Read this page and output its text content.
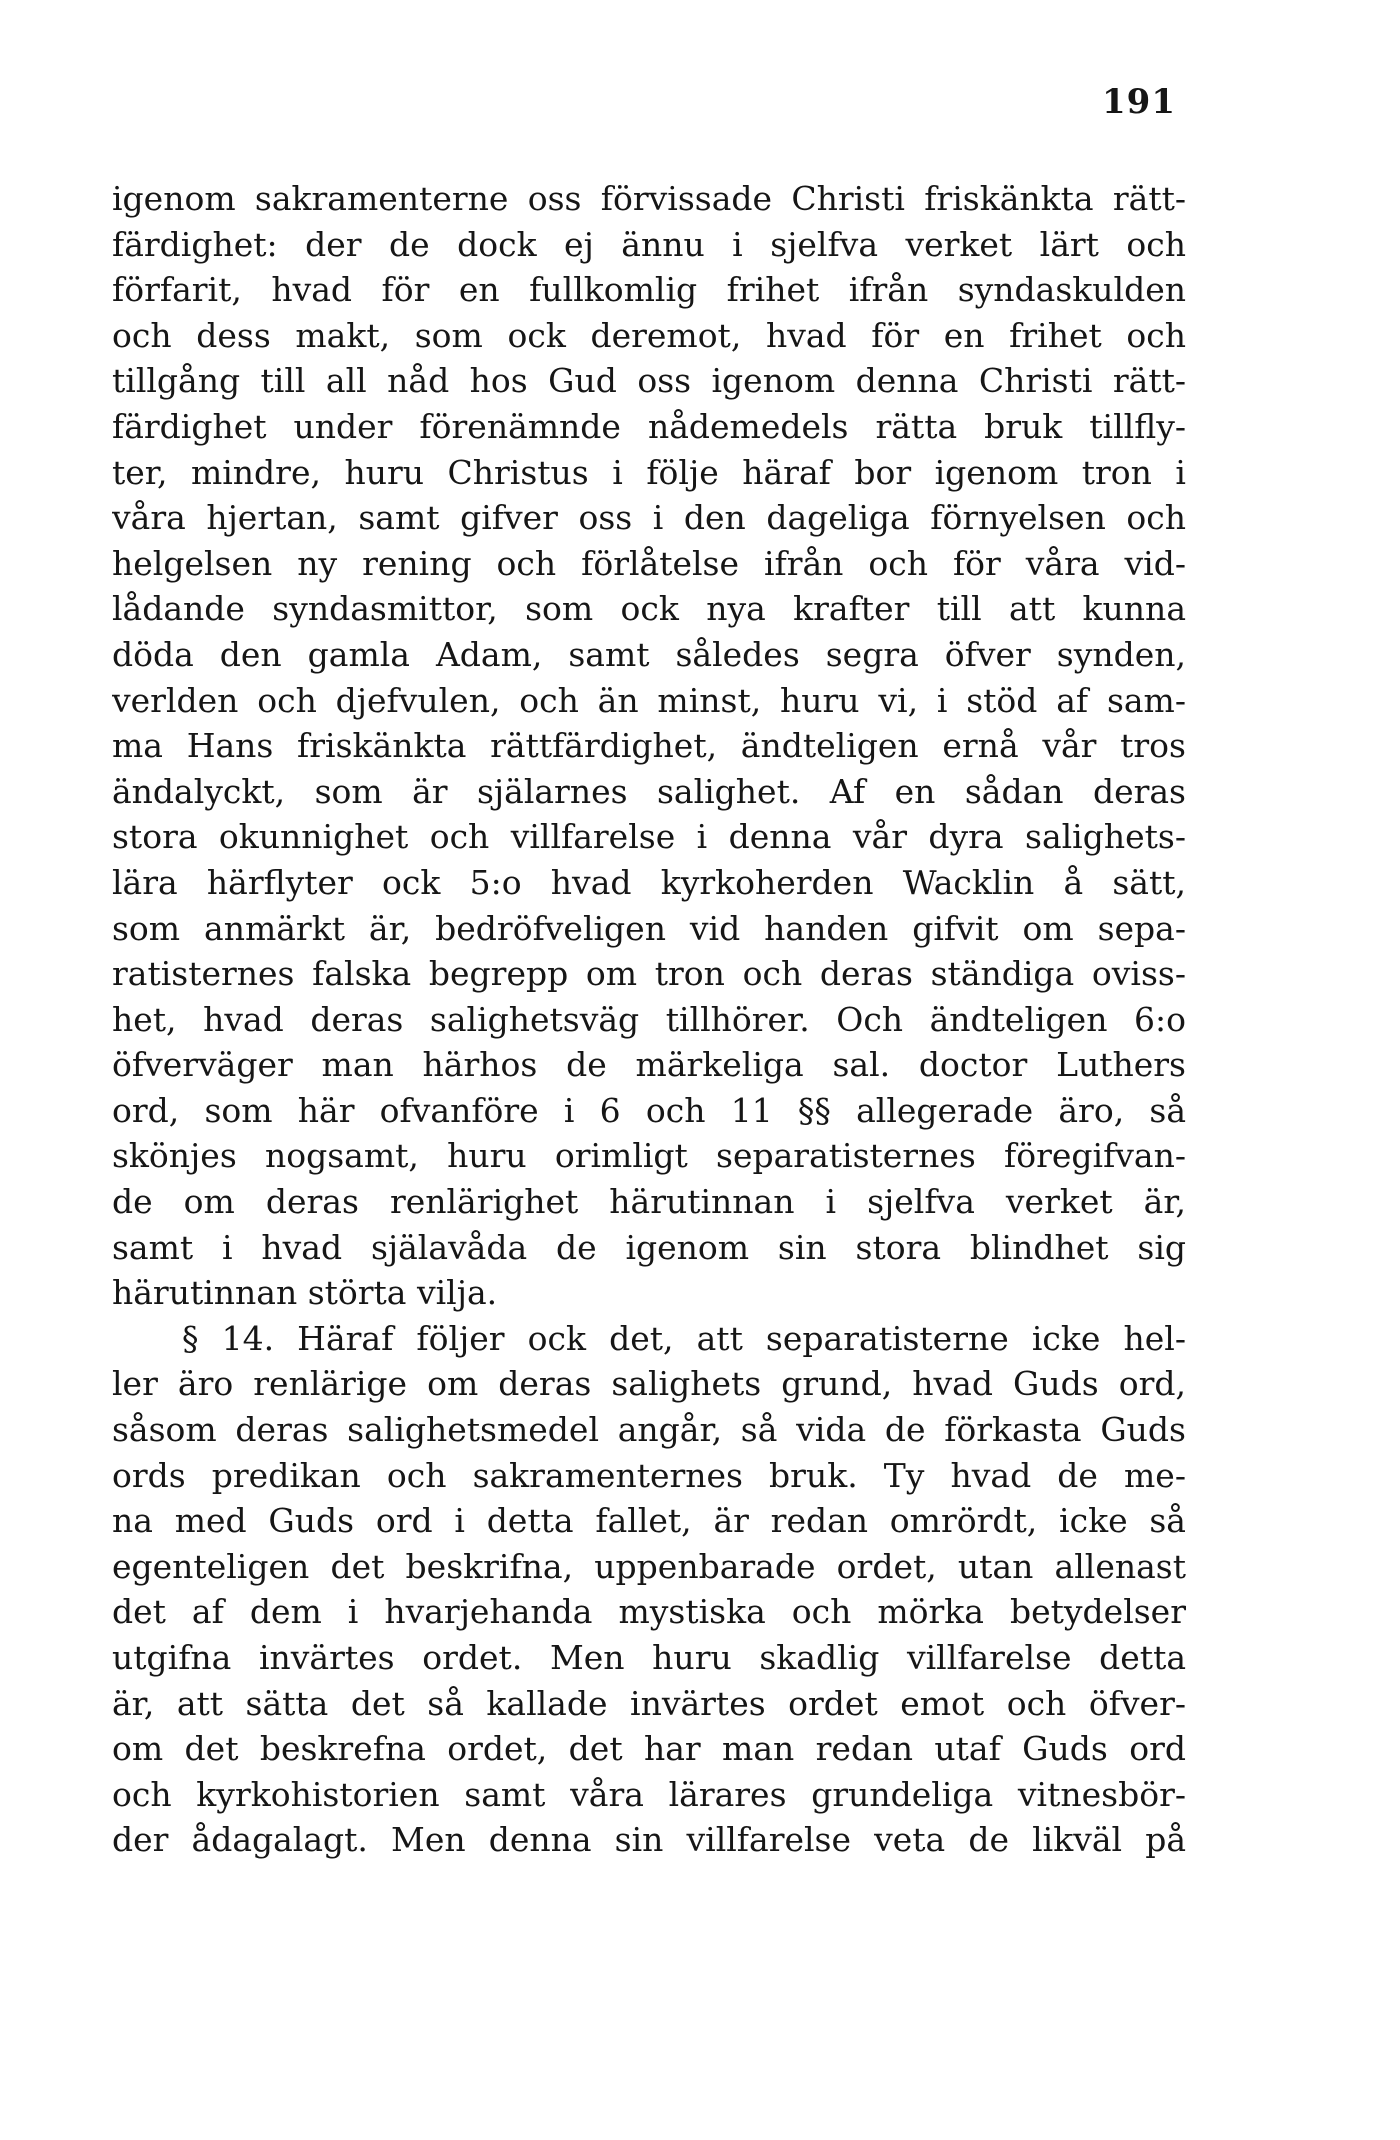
191
igenom sakramenterne oss förvissade Christi friskänkta rätt-
färdighet: der de dock ej ännu i sjelfva verket lärt och
förfarit, hvad för en fullkomlig frihet ifrån syndaskulden
och dess makt, som ock deremot, hvad för en frihet och
tillgång till all nåd hos Gud oss igenom denna Christi rätt-
färdighet under förenämnde nådemedels rätta bruk tillfly-
ter, mindre, huru Christus i följe häraf bor igenom tron i
våra hjertan, samt gifver oss i den dageliga förnyelsen och
helgelsen ny rening och förlåtelse ifrån och för våra vid-
lådande syndasmittor, som ock nya krafter till att kunna
döda den gamla Adam, samt således segra öfver synden,
verlden och djefvulen, och än minst, huru vi, i stöd af sam-
ma Hans friskänkta rättfärdighet, ändteligen ernå vår tros
ändalyckt, som är själarnes salighet. Af en sådan deras
stora okunnighet och villfarelse i denna vår dyra salighets-
lära härflyter ock 5:o hvad kyrkoherden Wacklin å sätt,
som anmärkt är, bedröfveligen vid handen gifvit om sepa-
ratisternes falska begrepp om tron och deras ständiga oviss-
het, hvad deras salighetsväg tillhörer. Och ändteligen 6:o
öfverväger man härhos de märkeliga sal. doctor Luthers
ord, som här ofvanföre i 6 och 11 §§ allegerade äro, så
skönjes nogsamt, huru orimligt separatisternes föregifvan-
de om deras renlärighet härutinnan i sjelfva verket är,
samt i hvad själavåda de igenom sin stora blindhet sig
härutinnan störta vilja.
§ 14. Häraf följer ock det, att separatisterne icke hel-
ler äro renlärige om deras salighets grund, hvad Guds ord,
såsom deras salighetsmedel angår, så vida de förkasta Guds
ords predikan och sakramenternes bruk. Ty hvad de me-
na med Guds ord i detta fallet, är redan omrördt, icke så
egenteligen det beskrifna, uppenbarade ordet, utan allenast
det af dem i hvarjehanda mystiska och mörka betydelser
utgifna invärtes ordet. Men huru skadlig villfarelse detta
är, att sätta det så kallade invärtes ordet emot och öfver-
om det beskrefna ordet, det har man redan utaf Guds ord
och kyrkohistorien samt våra lärares grundeliga vitnesbör-
der ådagalagt. Men denna sin villfarelse veta de likväl på
